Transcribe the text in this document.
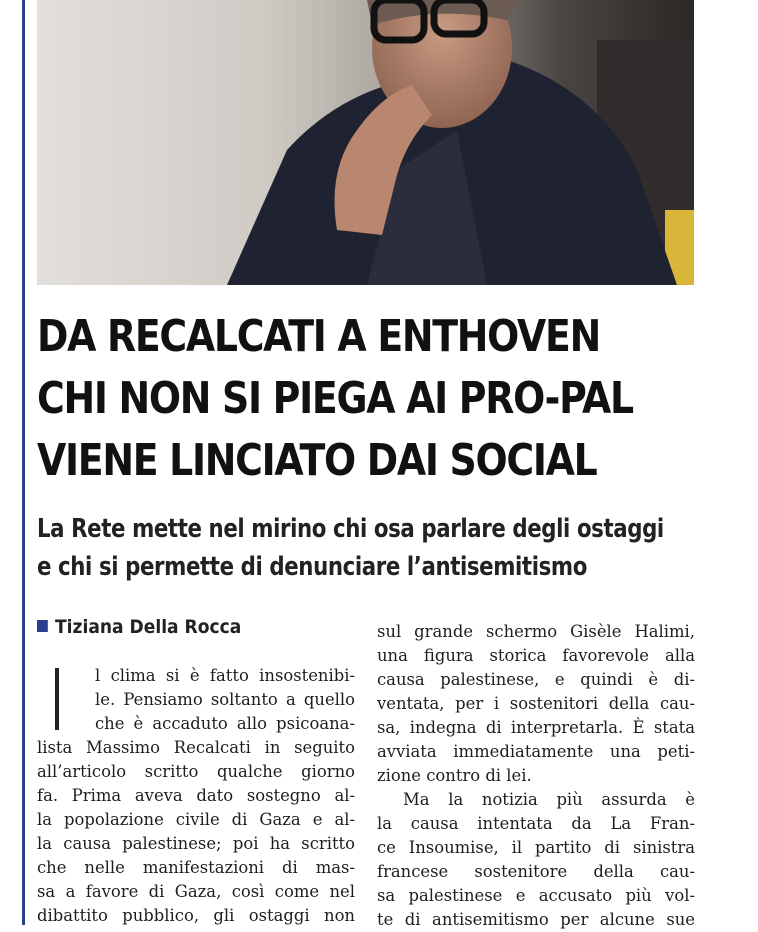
DA RECALCATI A ENTHOVEN
CHI NON SI PIEGA AI PRO-PAL
VIENE LINCIATO DAI SOCIAL
La Rete mette nel mirino chi osa parlare degli ostaggi
e chi si permette di denunciare l’antisemitismo
Tiziana Della Rocca
l clima si è fatto insostenibi-
le. Pensiamo soltanto a quello
che è accaduto allo psicoana-
lista Massimo Recalcati in seguito
all’articolo scritto qualche giorno
fa. Prima aveva dato sostegno al-
la popolazione civile di Gaza e al-
la causa palestinese; poi ha scritto
che nelle manifestazioni di mas-
sa a favore di Gaza, così come nel
dibattito pubblico, gli ostaggi non
sul grande schermo Gisèle Halimi,
una figura storica favorevole alla
causa palestinese, e quindi è di-
ventata, per i sostenitori della cau-
sa, indegna di interpretarla. È stata
avviata immediatamente una peti-
zione contro di lei.
Ma la notizia più assurda è
la causa intentata da La Fran-
ce Insoumise, il partito di sinistra
francese sostenitore della cau-
sa palestinese e accusato più vol-
te di antisemitismo per alcune sue
